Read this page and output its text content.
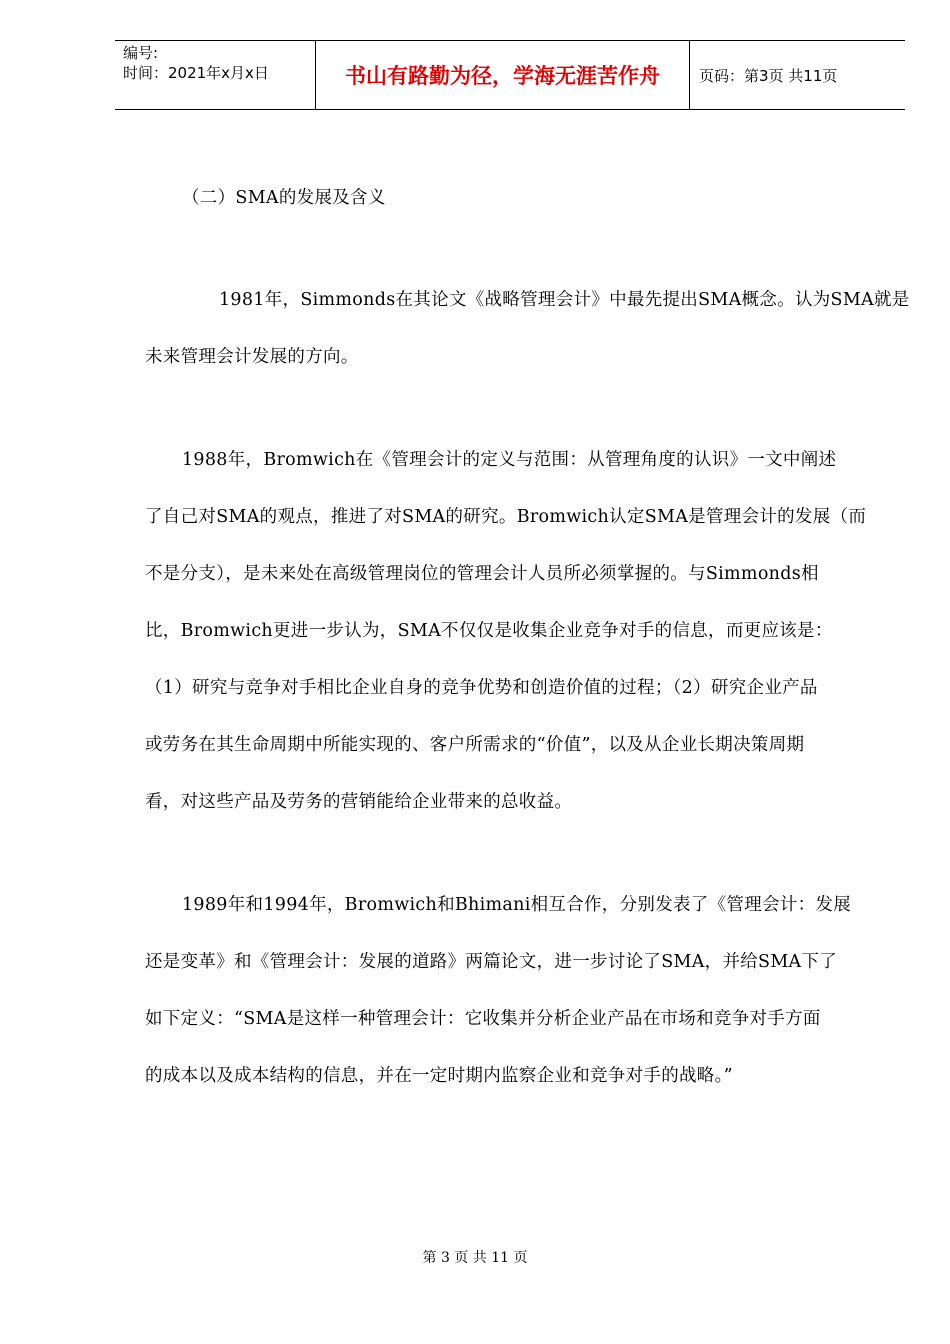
编号:
时间：2021年x月x日	书山有路勤为径，学海无涯苦作舟	页码：第3页 共11页

（二）SMA的发展及含义

1981年，Simmonds在其论文《战略管理会计》中最先提出SMA概念。认为SMA就是
未来管理会计发展的方向。

1988年，Bromwich在《管理会计的定义与范围：从管理角度的认识》一文中阐述
了自己对SMA的观点，推进了对SMA的研究。Bromwich认定SMA是管理会计的发展（而
不是分支），是未来处在高级管理岗位的管理会计人员所必须掌握的。与Simmonds相
比，Bromwich更进一步认为，SMA不仅仅是收集企业竞争对手的信息，而更应该是：
（1）研究与竞争对手相比企业自身的竞争优势和创造价值的过程；（2）研究企业产品
或劳务在其生命周期中所能实现的、客户所需求的“价值”，以及从企业长期决策周期
看，对这些产品及劳务的营销能给企业带来的总收益。

1989年和1994年，Bromwich和Bhimani相互合作，分别发表了《管理会计：发展
还是变革》和《管理会计：发展的道路》两篇论文，进一步讨论了SMA，并给SMA下了
如下定义：“SMA是这样一种管理会计：它收集并分析企业产品在市场和竞争对手方面
的成本以及成本结构的信息，并在一定时期内监察企业和竞争对手的战略。”

第 3 页 共 11 页
